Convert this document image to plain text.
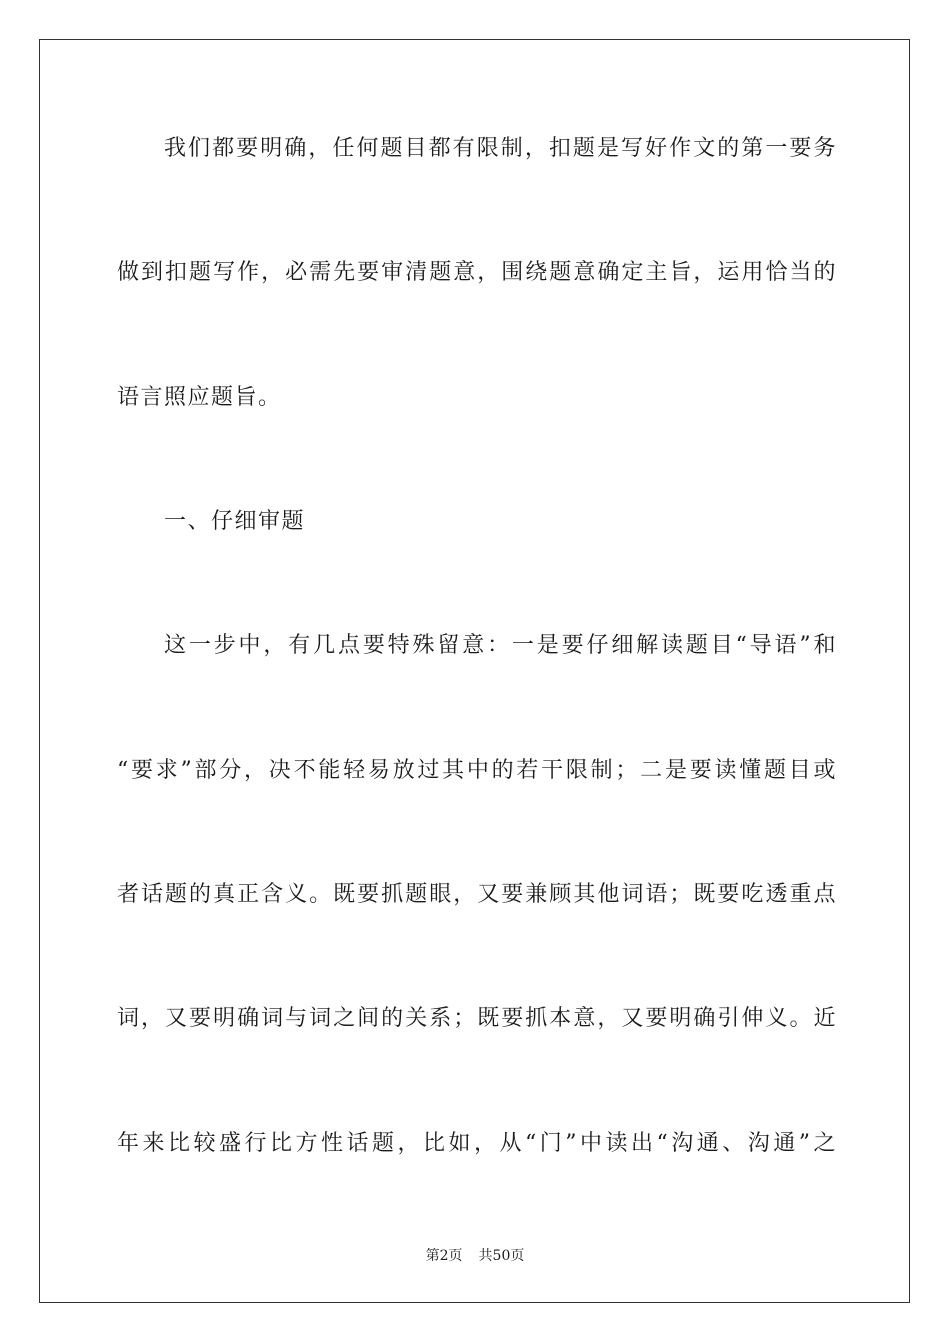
我们都要明确，任何题目都有限制，扣题是写好作文的第一要务
做到扣题写作，必需先要审清题意，围绕题意确定主旨，运用恰当的
语言照应题旨。
一、仔细审题
这一步中，有几点要特殊留意：一是要仔细解读题目“导语”和
“要求”部分，决不能轻易放过其中的若干限制；二是要读懂题目或
者话题的真正含义。既要抓题眼，又要兼顾其他词语；既要吃透重点
词，又要明确词与词之间的关系；既要抓本意，又要明确引伸义。近
年来比较盛行比方性话题，比如，从“门”中读出“沟通、沟通”之
第2页 共50页
